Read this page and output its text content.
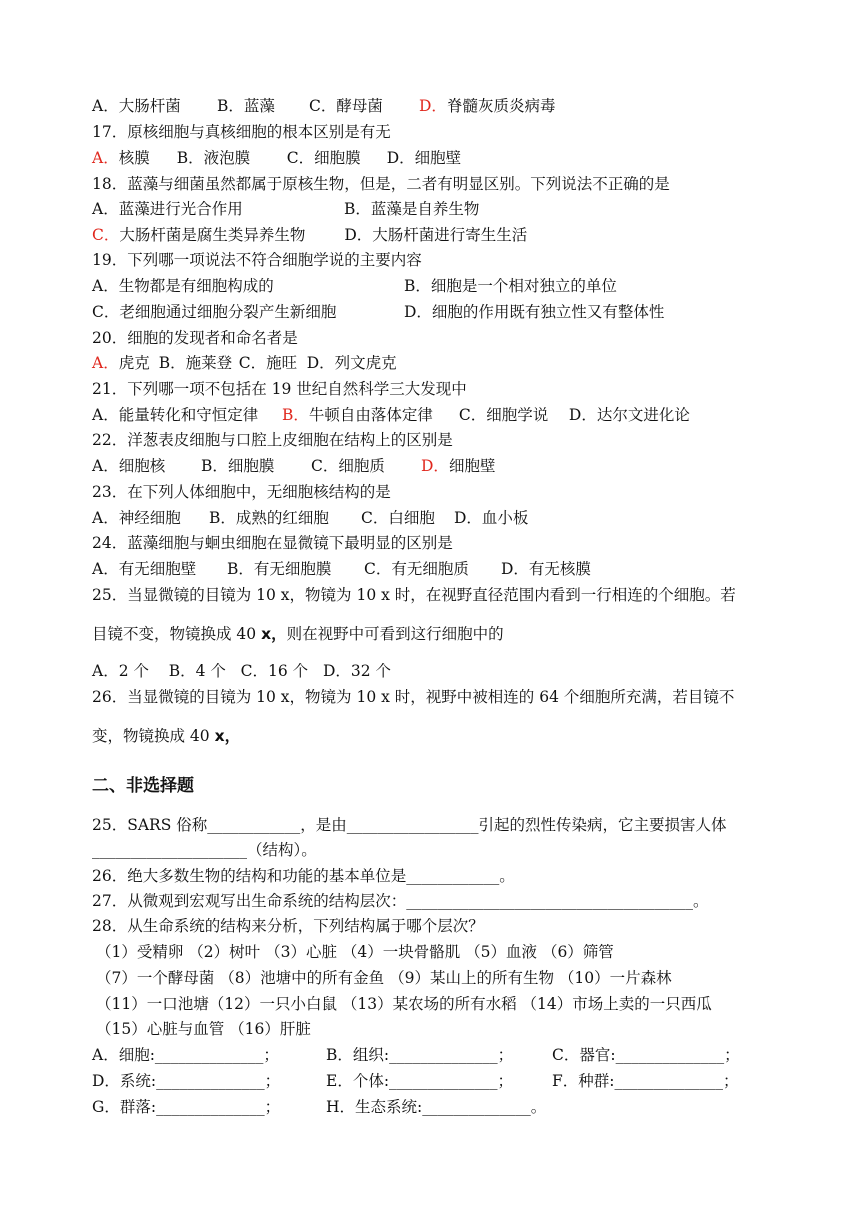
A．大肠杆菌 B．蓝藻 C．酵母菌 D．脊髓灰质炎病毒
17．原核细胞与真核细胞的根本区别是有无
A．核膜 B．液泡膜 C．细胞膜 D．细胞壁
18．蓝藻与细菌虽然都属于原核生物，但是，二者有明显区别。下列说法不正确的是
A．蓝藻进行光合作用	B．蓝藻是自养生物
C．大肠杆菌是腐生类异养生物	D．大肠杆菌进行寄生生活
19．下列哪一项说法不符合细胞学说的主要内容
A．生物都是有细胞构成的	B．细胞是一个相对独立的单位
C．老细胞通过细胞分裂产生新细胞	D．细胞的作用既有独立性又有整体性
20．细胞的发现者和命名者是
A．虎克 B．施莱登 C．施旺 D．列文虎克
21．下列哪一项不包括在 19 世纪自然科学三大发现中
A．能量转化和守恒定律 B．牛顿自由落体定律 C．细胞学说 D．达尔文进化论
22．洋葱表皮细胞与口腔上皮细胞在结构上的区别是
A．细胞核 B．细胞膜 C．细胞质 D．细胞壁
23．在下列人体细胞中，无细胞核结构的是
A．神经细胞 B．成熟的红细胞 C．白细胞 D．血小板
24．蓝藻细胞与蛔虫细胞在显微镜下最明显的区别是
A．有无细胞壁 B．有无细胞膜 C．有无细胞质 D．有无核膜
25．当显微镜的目镜为 10 x，物镜为 10 x 时，在视野直径范围内看到一行相连的个细胞。若
目镜不变，物镜换成 40 x，则在视野中可看到这行细胞中的
A．2 个    B．4 个   C．16 个   D．32 个
26．当显微镜的目镜为 10 x，物镜为 10 x 时，视野中被相连的 64 个细胞所充满，若目镜不
变，物镜换成 40 x，
二、非选择题
25．SARS 俗称____________，是由_________________引起的烈性传染病，它主要损害人体
____________________（结构）。
26．绝大多数生物的结构和功能的基本单位是____________。
27．从微观到宏观写出生命系统的结构层次：_____________________________________。
28．从生命系统的结构来分析，下列结构属于哪个层次？
（1）受精卵 （2）树叶 （3）心脏 （4）一块骨骼肌 （5）血液 （6）筛管
（7）一个酵母菌 （8）池塘中的所有金鱼 （9）某山上的所有生物 （10）一片森林
（11）一口池塘（12）一只小白鼠 （13）某农场的所有水稻 （14）市场上卖的一只西瓜
（15）心脏与血管 （16）肝脏
A．细胞:______________；	B．组织:______________；	C．器官:______________；
D．系统:______________；	E．个体:______________；	F．种群:______________；
G．群落:______________；	H．生态系统:______________。
